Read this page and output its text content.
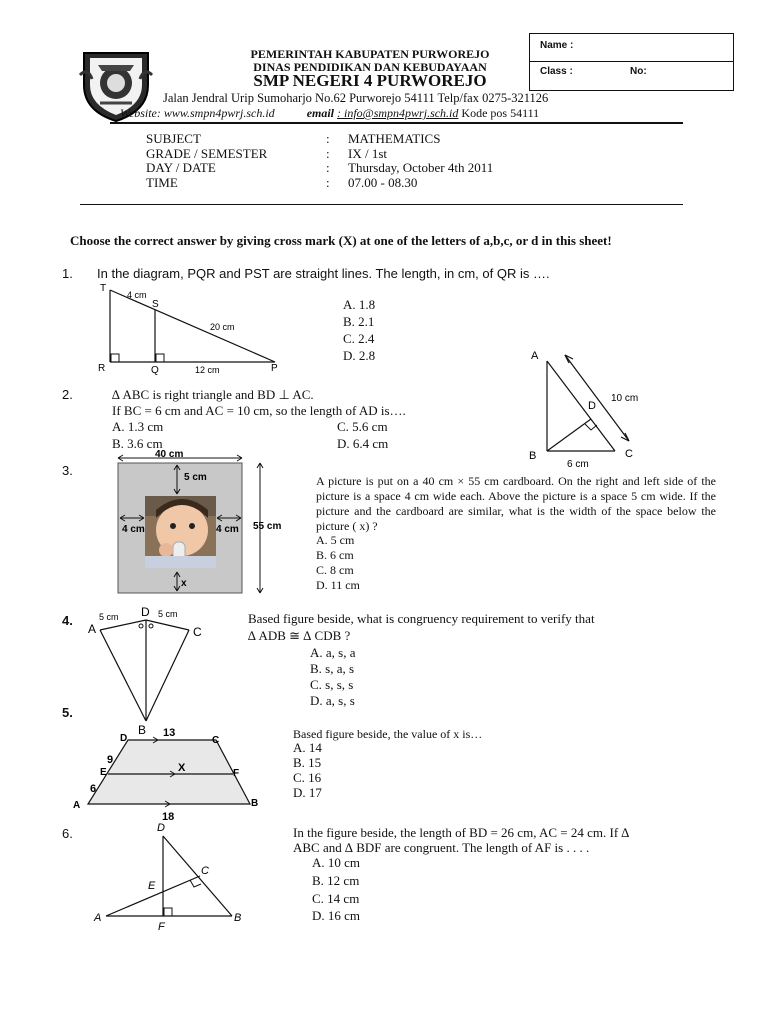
PEMERINTAH KABUPATEN PURWOREJO
DINAS PENDIDIKAN DAN KEBUDAYAAN
SMP NEGERI 4 PURWOREJO
Jalan Jendral Urip Sumoharjo No.62 Purworejo 54111 Telp/fax 0275-321126
Website: www.smpn4pwrj.sch.id	email : info@smpn4pwrj.sch.id Kode pos 54111
Name :
Class :	No:
SUBJECT	: MATHEMATICS
GRADE / SEMESTER	: IX / 1st
DAY / DATE	: Thursday, October 4th 2011
TIME	: 07.00 - 08.30
Choose the correct answer by giving cross mark (X) at one of the letters of a,b,c, or d in this sheet!
1. In the diagram, PQR and PST are straight lines. The length, in cm, of QR is ….
T
S
R	Q	P
4 cm
20 cm
12 cm
A. 1.8
B. 2.1
C. 2.4
D. 2.8	A
B	C
D
10 cm
6 cm
2.	∆ ABC is right triangle and BD ⊥ AC.
If BC = 6 cm and AC = 10 cm, so the length of AD is….
A. 1.3 cm
B. 3.6 cm
C. 5.6 cm
D. 6.4 cm
3.
40 cm
5 cm
4 cm	4 cm 55 cm
x
A picture is put on a 40 cm × 55 cm cardboard. On the right and left side of the picture is a space 4 cm wide each. Above the picture is a space 5 cm wide. If the picture and the cardboard are similar, what is the width of the space below the picture ( x) ?
A. 5 cm
B. 6 cm
C. 8 cm
D. 11 cm
4.
A
D
C
B
5 cm	5 cm	Based figure beside, what is congruency requirement to verify that
∆ ADB ≅ ∆ CDB ?
A. a, s, a
B. s, a, s
C. s, s, s
D. a, s, s
5.
D	C
E	F
A	B
13
18
9
6
X
Based figure beside, the value of x is…
A. 14
B. 15
C. 16
D. 17
6.	D
C
E
A
F
B
In the figure beside, the length of BD = 26 cm, AC = 24 cm. If ∆
ABC and ∆ BDF are congruent. The length of AF is . . . .
A. 10 cm
B. 12 cm
C. 14 cm
D. 16 cm
